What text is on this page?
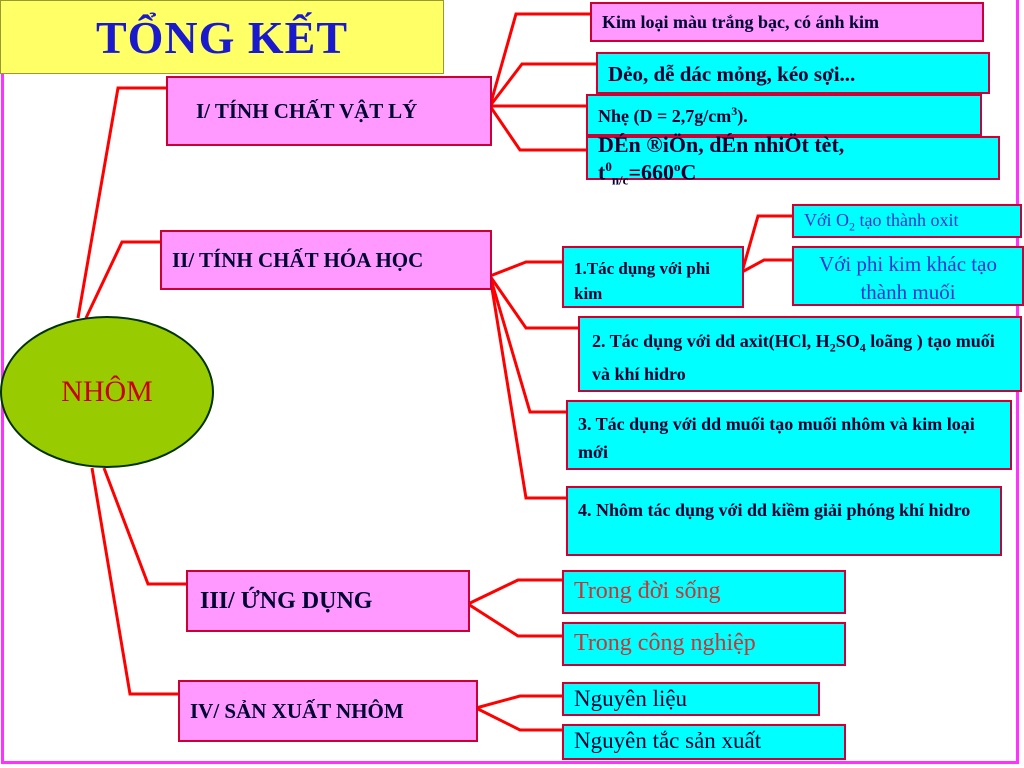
TỔNG KẾT
NHÔM
I/ TÍNH CHẤT VẬT LÝ
II/ TÍNH CHẤT HÓA HỌC
III/ ỨNG DỤNG
IV/ SẢN XUẤT NHÔM
Kim loại màu trắng bạc, có ánh kim
Dẻo, dễ dác mỏng, kéo sợi...
Nhẹ $(D = 2,7g/cm^3)$.
DÉn ®iÖn, dÉn nhiÖt tèt,
$t^0_{n/c}=660^oC$
1.Tác dụng với phi kim
Với $O_2$ tạo thành oxit
Với phi kim khác tạo thành muối
2. Tác dụng với dd axit(HCl, $H_2SO_4$ loãng ) tạo muối và khí hidro
3. Tác dụng với dd muối tạo muối nhôm và kim loại mới
4. Nhôm tác dụng với dd kiềm giải phóng khí hidro
Trong đời sống
Trong công nghiệp
Nguyên liệu
Nguyên tắc sản xuất
